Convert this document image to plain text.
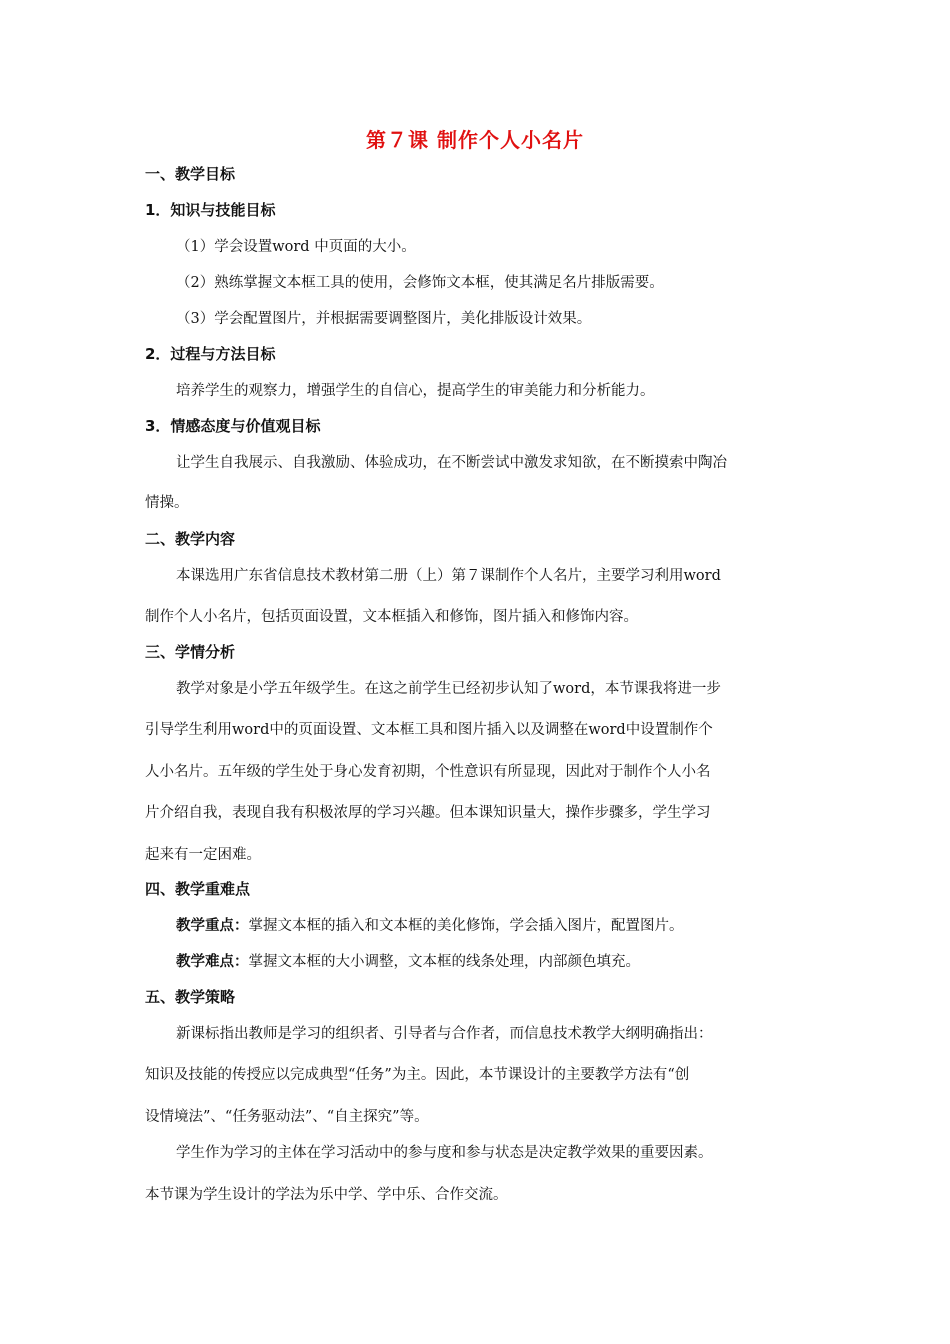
第７课 制作个人小名片
一、教学目标
1．知识与技能目标
（1）学会设置word 中页面的大小。
（2）熟练掌握文本框工具的使用，会修饰文本框，使其满足名片排版需要。
（3）学会配置图片，并根据需要调整图片，美化排版设计效果。
2．过程与方法目标
培养学生的观察力，增强学生的自信心，提高学生的审美能力和分析能力。
3．情感态度与价值观目标
让学生自我展示、自我激励、体验成功，在不断尝试中激发求知欲，在不断摸索中陶冶
情操。
二、教学内容
本课选用广东省信息技术教材第二册（上）第７课制作个人名片，主要学习利用word
制作个人小名片，包括页面设置，文本框插入和修饰，图片插入和修饰内容。
三、学情分析
教学对象是小学五年级学生。在这之前学生已经初步认知了word，本节课我将进一步
引导学生利用word中的页面设置、文本框工具和图片插入以及调整在word中设置制作个
人小名片。五年级的学生处于身心发育初期，个性意识有所显现，因此对于制作个人小名
片介绍自我，表现自我有积极浓厚的学习兴趣。但本课知识量大，操作步骤多，学生学习
起来有一定困难。
四、教学重难点
教学重点：掌握文本框的插入和文本框的美化修饰，学会插入图片，配置图片。
教学难点：掌握文本框的大小调整，文本框的线条处理，内部颜色填充。
五、教学策略
新课标指出教师是学习的组织者、引导者与合作者，而信息技术教学大纲明确指出：
知识及技能的传授应以完成典型“任务”为主。因此，本节课设计的主要教学方法有“创
设情境法”、“任务驱动法”、“自主探究”等。
学生作为学习的主体在学习活动中的参与度和参与状态是决定教学效果的重要因素。
本节课为学生设计的学法为乐中学、学中乐、合作交流。
